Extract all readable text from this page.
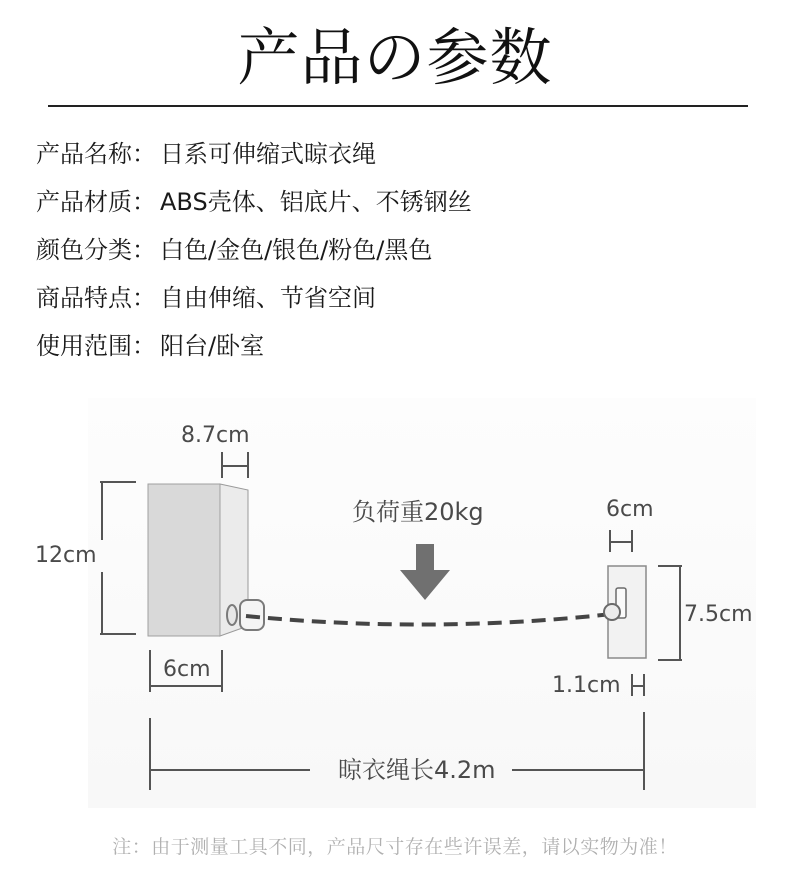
产品の参数
产品名称： 日系可伸缩式晾衣绳
产品材质： ABS壳体、铝底片、不锈钢丝
颜色分类： 白色/金色/银色/粉色/黑色
商品特点： 自由伸缩、节省空间
使用范围： 阳台/卧室
8.7cm
12cm
6cm
负荷重20kg	6cm
7.5cm
1.1cm
晾衣绳长4.2m
注：由于测量工具不同，产品尺寸存在些许误差，请以实物为准！
